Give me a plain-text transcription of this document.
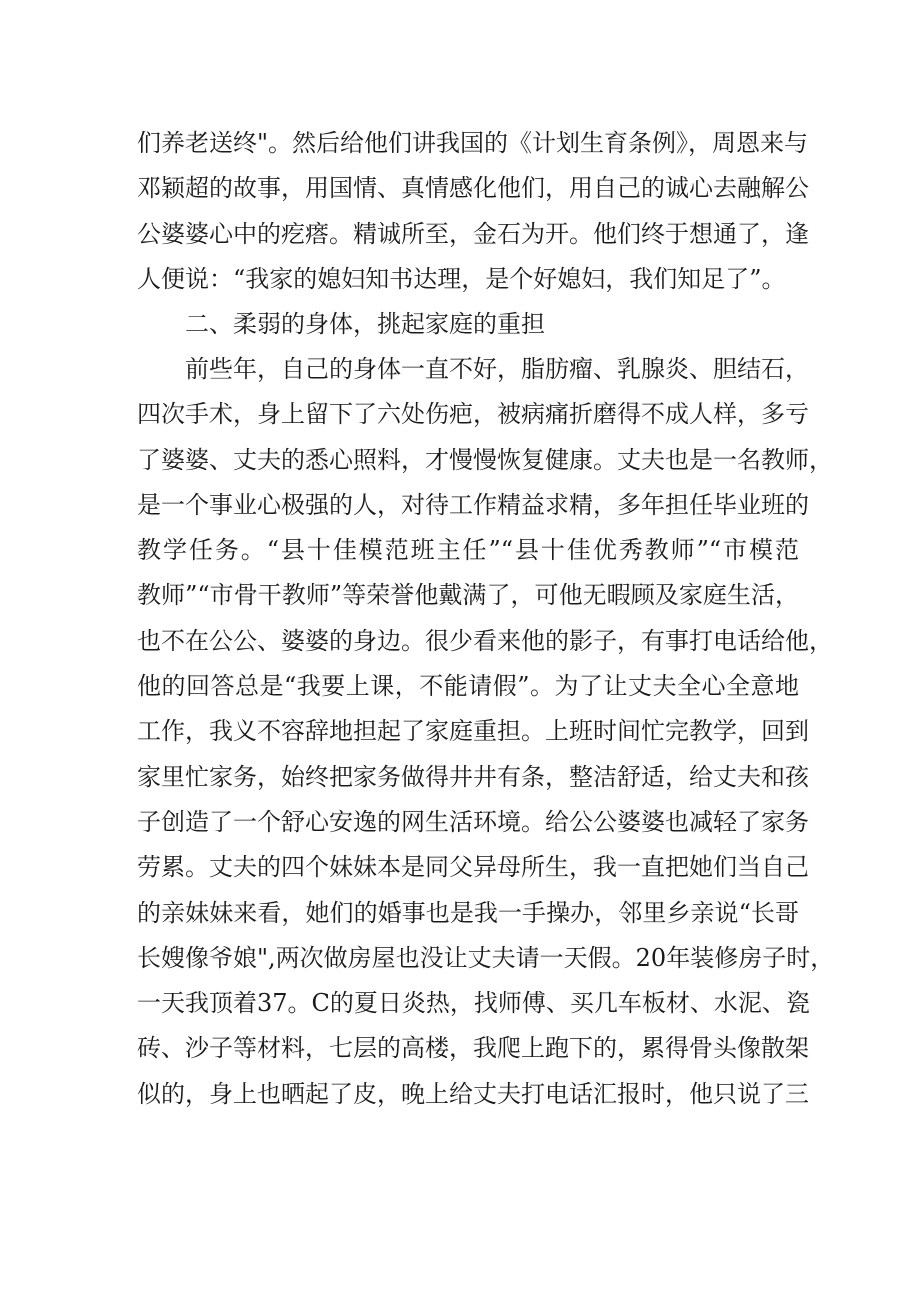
们养老送终"。然后给他们讲我国的《计划生育条例》，周恩来与
邓颖超的故事，用国情、真情感化他们，用自己的诚心去融解公
公婆婆心中的疙瘩。精诚所至，金石为开。他们终于想通了，逢
人便说：“我家的媳妇知书达理，是个好媳妇，我们知足了”。
二、柔弱的身体，挑起家庭的重担
前些年，自己的身体一直不好，脂肪瘤、乳腺炎、胆结石，
四次手术，身上留下了六处伤疤，被病痛折磨得不成人样，多亏
了婆婆、丈夫的悉心照料，才慢慢恢复健康。丈夫也是一名教师，
是一个事业心极强的人，对待工作精益求精，多年担任毕业班的
教学任务。“县十佳模范班主任”“县十佳优秀教师”“市模范
教师”“市骨干教师”等荣誉他戴满了，可他无暇顾及家庭生活，
也不在公公、婆婆的身边。很少看来他的影子，有事打电话给他，
他的回答总是“我要上课，不能请假”。为了让丈夫全心全意地
工作，我义不容辞地担起了家庭重担。上班时间忙完教学，回到
家里忙家务，始终把家务做得井井有条，整洁舒适，给丈夫和孩
子创造了一个舒心安逸的网生活环境。给公公婆婆也减轻了家务
劳累。丈夫的四个妹妹本是同父异母所生，我一直把她们当自己
的亲妹妹来看，她们的婚事也是我一手操办，邻里乡亲说“长哥
长嫂像爷娘",两次做房屋也没让丈夫请一天假。20年装修房子时，
一天我顶着37。C的夏日炎热，找师傅、买几车板材、水泥、瓷
砖、沙子等材料，七层的高楼，我爬上跑下的，累得骨头像散架
似的，身上也晒起了皮，晚上给丈夫打电话汇报时，他只说了三
